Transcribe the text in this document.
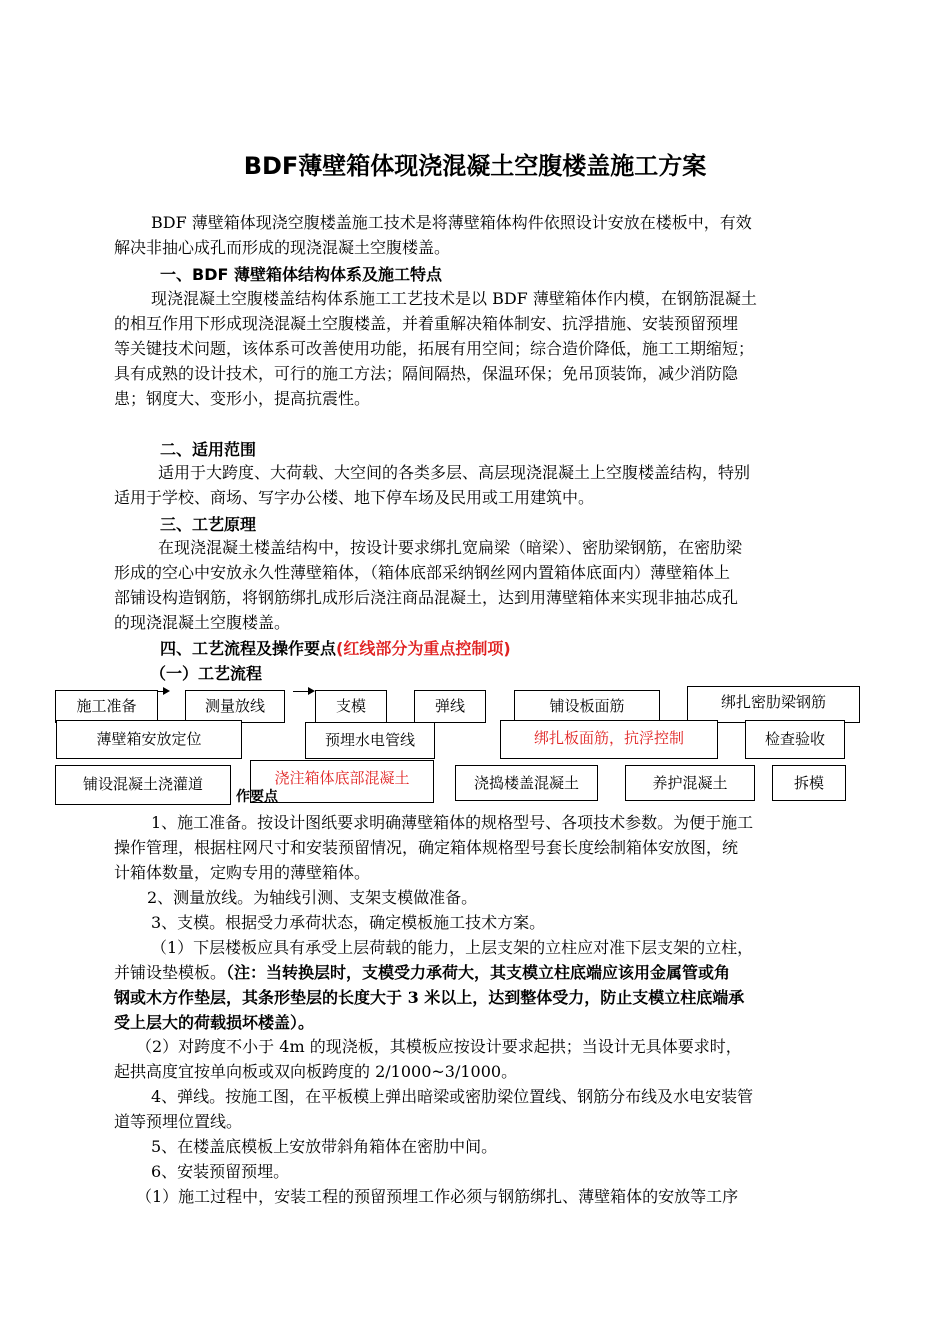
BDF薄壁箱体现浇混凝土空腹楼盖施工方案
BDF 薄壁箱体现浇空腹楼盖施工技术是将薄壁箱体构件依照设计安放在楼板中，有效
解决非抽心成孔而形成的现浇混凝土空腹楼盖。
一、BDF 薄壁箱体结构体系及施工特点
现浇混凝土空腹楼盖结构体系施工工艺技术是以 BDF 薄壁箱体作内模，在钢筋混凝土
的相互作用下形成现浇混凝土空腹楼盖，并着重解决箱体制安、抗浮措施、安装预留预埋
等关键技术问题，该体系可改善使用功能，拓展有用空间；综合造价降低，施工工期缩短；
具有成熟的设计技术，可行的施工方法；隔间隔热，保温环保；免吊顶装饰，减少消防隐
患；钢度大、变形小，提高抗震性。
二、适用范围
适用于大跨度、大荷载、大空间的各类多层、高层现浇混凝土上空腹楼盖结构，特别
适用于学校、商场、写字办公楼、地下停车场及民用或工用建筑中。
三、工艺原理
在现浇混凝土楼盖结构中，按设计要求绑扎宽扁梁（暗梁）、密肋梁钢筋，在密肋梁
形成的空心中安放永久性薄壁箱体，（箱体底部采纳钢丝网内置箱体底面内）薄壁箱体上
部铺设构造钢筋，将钢筋绑扎成形后浇注商品混凝土，达到用薄壁箱体来实现非抽芯成孔
的现浇混凝土空腹楼盖。
四、工艺流程及操作要点(红线部分为重点控制项)
（一）工艺流程
施工准备	测量放线	支模	弹线	铺设板面筋	绑扎密肋梁钢筋
薄壁箱安放定位	预埋水电管线	绑扎板面筋，抗浮控制	检查验收
铺设混凝土浇灌道	浇注箱体底部混凝土	浇捣楼盖混凝土	养护混凝土	拆模
作要点
1、施工准备。按设计图纸要求明确薄壁箱体的规格型号、各项技术参数。为便于施工
操作管理，根据柱网尺寸和安装预留情况，确定箱体规格型号套长度绘制箱体安放图，统
计箱体数量，定购专用的薄壁箱体。
2、测量放线。为轴线引测、支架支模做准备。
3、支模。根据受力承荷状态，确定模板施工技术方案。
（1）下层楼板应具有承受上层荷载的能力，上层支架的立柱应对准下层支架的立柱，
并铺设垫模板。（注：当转换层时，支模受力承荷大，其支模立柱底端应该用金属管或角
钢或木方作垫层，其条形垫层的长度大于 3 米以上，达到整体受力，防止支模立柱底端承
受上层大的荷载损坏楼盖）。
（2）对跨度不小于 4m 的现浇板，其模板应按设计要求起拱；当设计无具体要求时，
起拱高度宜按单向板或双向板跨度的 2/1000~3/1000。
4、弹线。按施工图，在平板模上弹出暗梁或密肋梁位置线、钢筋分布线及水电安装管
道等预埋位置线。
5、在楼盖底模板上安放带斜角箱体在密肋中间。
6、安装预留预埋。
（1）施工过程中，安装工程的预留预埋工作必须与钢筋绑扎、薄壁箱体的安放等工序
